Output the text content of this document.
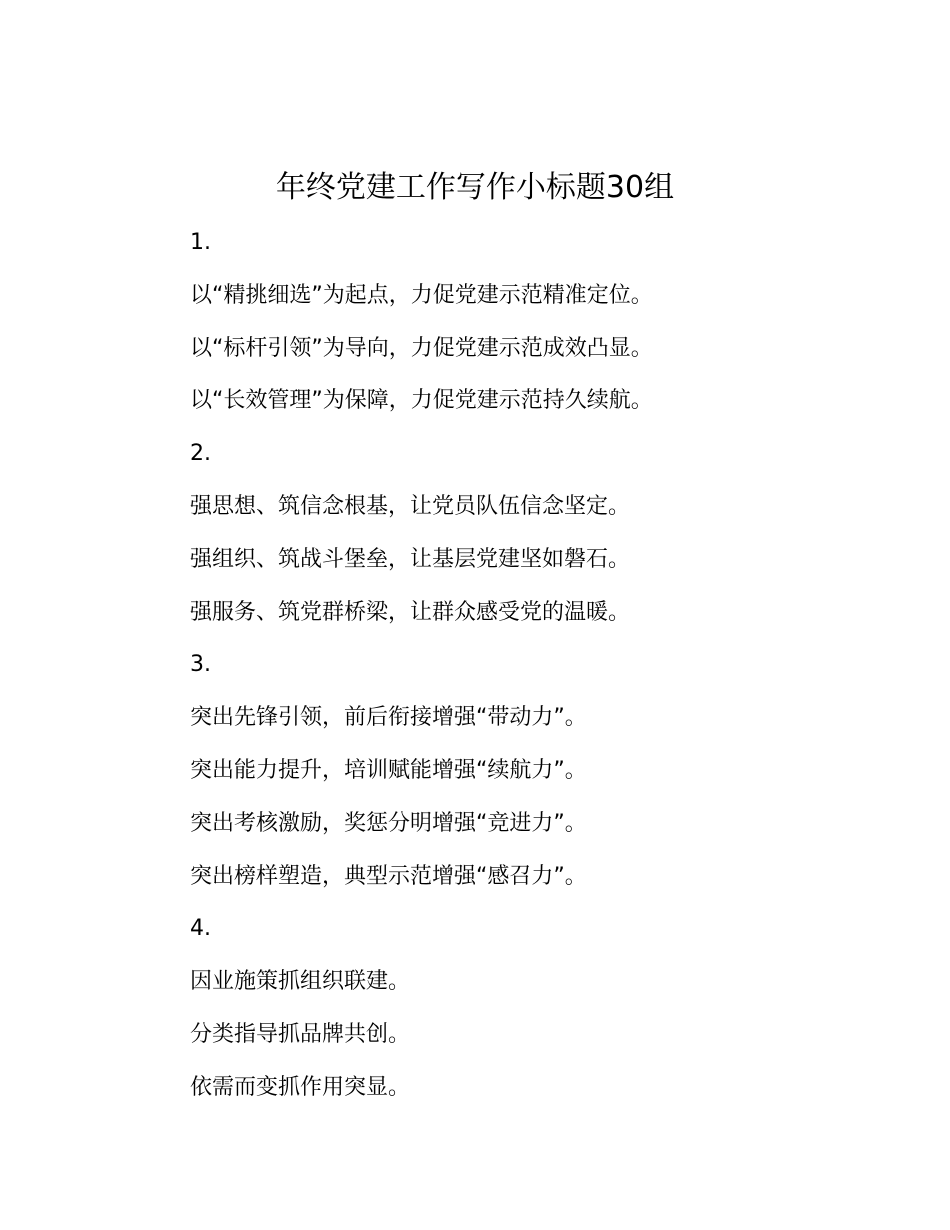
年终党建工作写作小标题30组
1.
以“精挑细选”为起点，力促党建示范精准定位。
以“标杆引领”为导向，力促党建示范成效凸显。
以“长效管理”为保障，力促党建示范持久续航。
2.
强思想、筑信念根基，让党员队伍信念坚定。
强组织、筑战斗堡垒，让基层党建坚如磐石。
强服务、筑党群桥梁，让群众感受党的温暖。
3.
突出先锋引领，前后衔接增强“带动力”。
突出能力提升，培训赋能增强“续航力”。
突出考核激励，奖惩分明增强“竞进力”。
突出榜样塑造，典型示范增强“感召力”。
4.
因业施策抓组织联建。
分类指导抓品牌共创。
依需而变抓作用突显。
